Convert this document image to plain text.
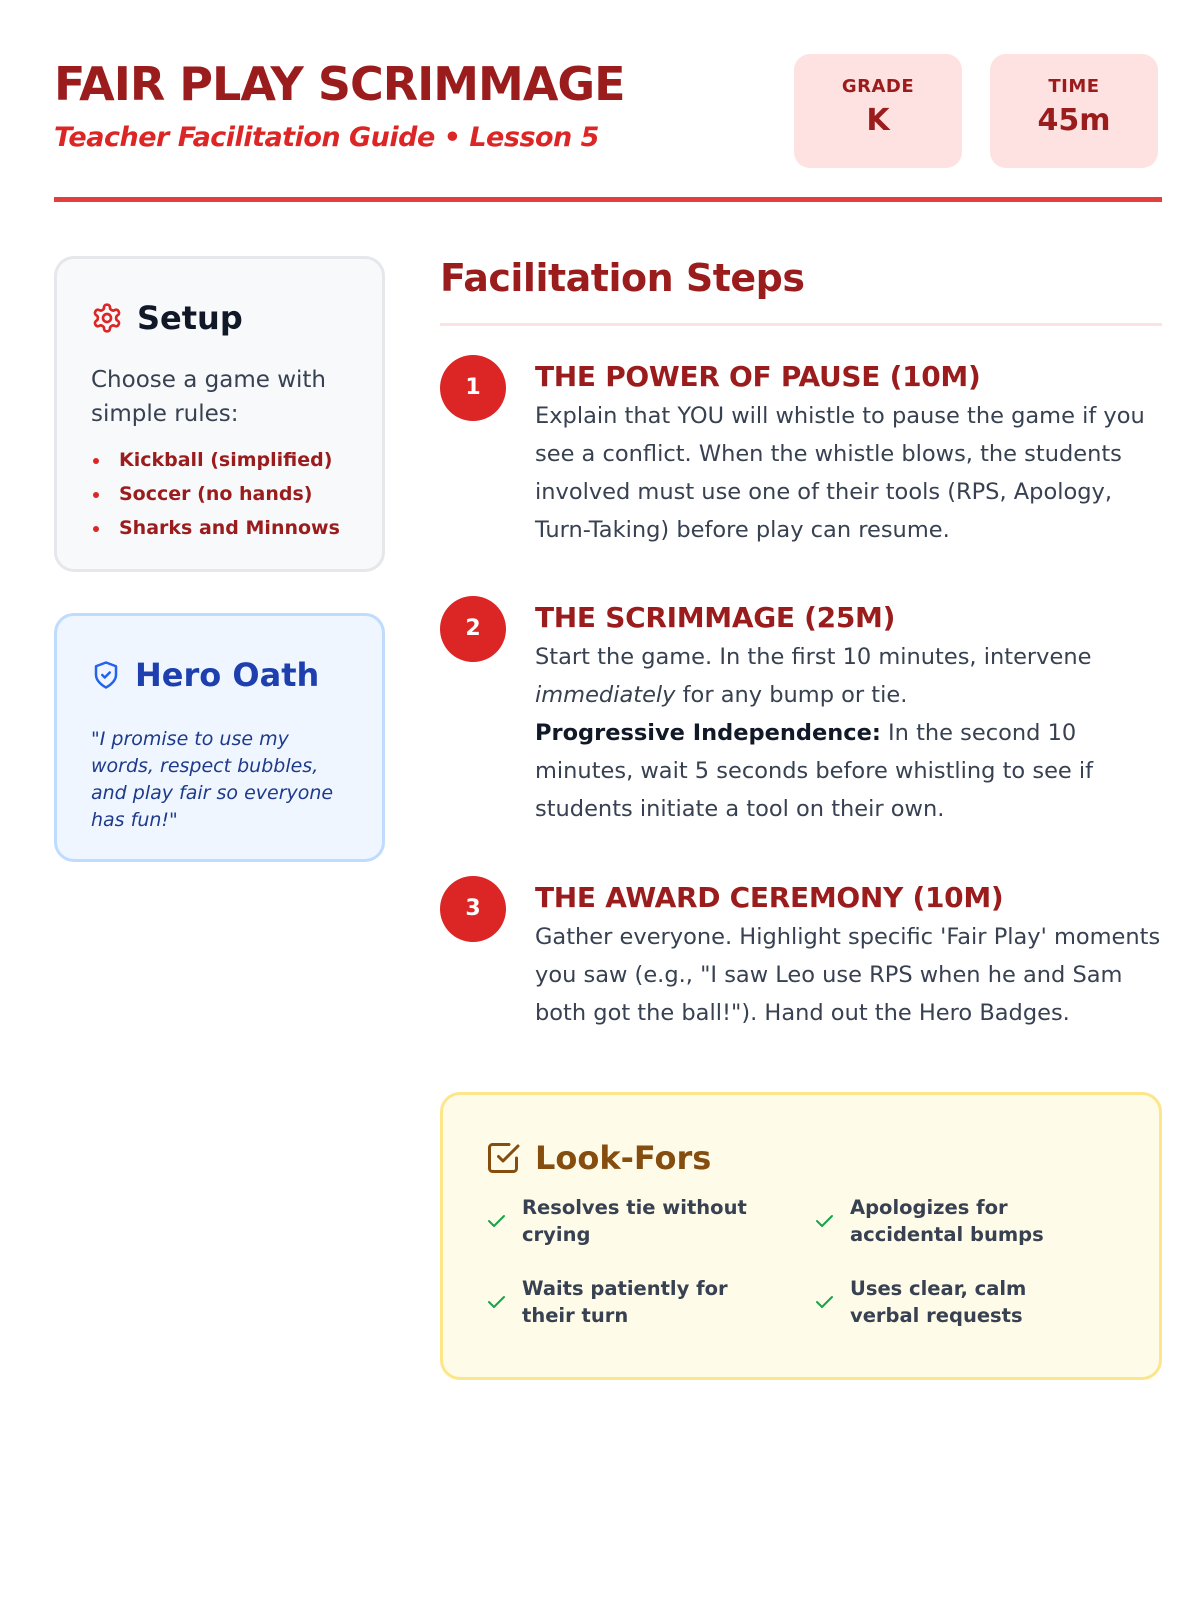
FAIR PLAY SCRIMMAGE
Teacher Facilitation Guide • Lesson 5
GRADE
K
TIME
45m
Setup
Choose a game with simple rules:
Kickball (simplified)
Soccer (no hands)
Sharks and Minnows
Hero Oath
"I promise to use my words, respect bubbles, and play fair so everyone has fun!"
Facilitation Steps
1	THE POWER OF PAUSE (10M)
Explain that YOU will whistle to pause the game if you see a conflict. When the whistle blows, the students involved must use one of their tools (RPS, Apology, Turn-Taking) before play can resume.
2	THE SCRIMMAGE (25M)
Start the game. In the first 10 minutes, intervene immediately for any bump or tie.
Progressive Independence: In the second 10 minutes, wait 5 seconds before whistling to see if students initiate a tool on their own.
3	THE AWARD CEREMONY (10M)
Gather everyone. Highlight specific 'Fair Play' moments you saw (e.g., "I saw Leo use RPS when he and Sam both got the ball!"). Hand out the Hero Badges.
Look-Fors
Resolves tie without crying
Apologizes for accidental bumps
Waits patiently for their turn
Uses clear, calm verbal requests
